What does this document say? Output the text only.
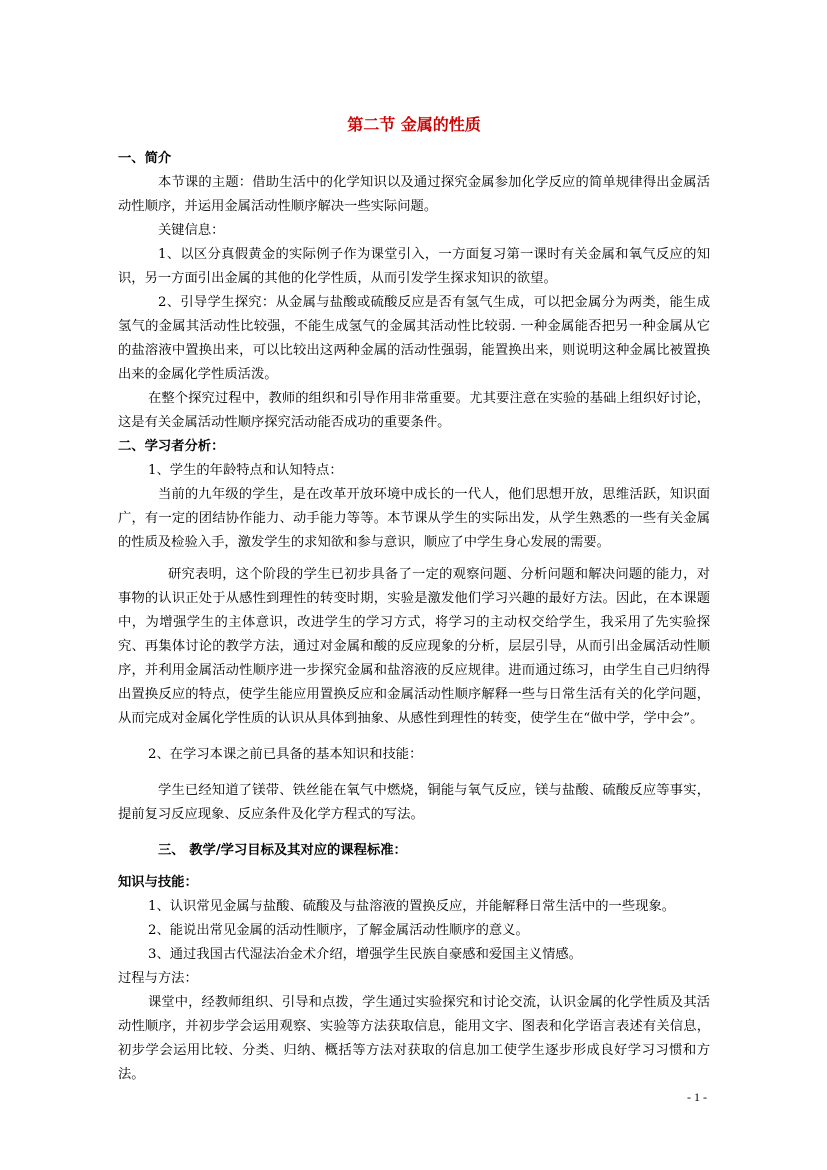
第二节 金属的性质

一、简介

本节课的主题：借助生活中的化学知识以及通过探究金属参加化学反应的简单规律得出金属活动性顺序，并运用金属活动性顺序解决一些实际问题。

关键信息：

1、以区分真假黄金的实际例子作为课堂引入，一方面复习第一课时有关金属和氧气反应的知识，另一方面引出金属的其他的化学性质，从而引发学生探求知识的欲望。

2、引导学生探究：从金属与盐酸或硫酸反应是否有氢气生成，可以把金属分为两类，能生成氢气的金属其活动性比较强，不能生成氢气的金属其活动性比较弱. 一种金属能否把另一种金属从它的盐溶液中置换出来，可以比较出这两种金属的活动性强弱，能置换出来，则说明这种金属比被置换出来的金属化学性质活泼。

在整个探究过程中，教师的组织和引导作用非常重要。尤其要注意在实验的基础上组织好讨论，这是有关金属活动性顺序探究活动能否成功的重要条件。

二、学习者分析：

1、学生的年龄特点和认知特点：

当前的九年级的学生，是在改革开放环境中成长的一代人，他们思想开放，思维活跃，知识面广，有一定的团结协作能力、动手能力等等。本节课从学生的实际出发，从学生熟悉的一些有关金属的性质及检验入手，激发学生的求知欲和参与意识，顺应了中学生身心发展的需要。

研究表明，这个阶段的学生已初步具备了一定的观察问题、分析问题和解决问题的能力，对事物的认识正处于从感性到理性的转变时期，实验是激发他们学习兴趣的最好方法。因此，在本课题中，为增强学生的主体意识，改进学生的学习方式，将学习的主动权交给学生，我采用了先实验探究、再集体讨论的教学方法，通过对金属和酸的反应现象的分析，层层引导，从而引出金属活动性顺序，并利用金属活动性顺序进一步探究金属和盐溶液的反应规律。进而通过练习，由学生自己归纳得出置换反应的特点，使学生能应用置换反应和金属活动性顺序解释一些与日常生活有关的化学问题，从而完成对金属化学性质的认识从具体到抽象、从感性到理性的转变，使学生在“做中学，学中会”。

2、在学习本课之前已具备的基本知识和技能：

学生已经知道了镁带、铁丝能在氧气中燃烧，铜能与氧气反应，镁与盐酸、硫酸反应等事实，提前复习反应现象、反应条件及化学方程式的写法。

三、 教学/学习目标及其对应的课程标准：

知识与技能：

1、认识常见金属与盐酸、硫酸及与盐溶液的置换反应，并能解释日常生活中的一些现象。

2、能说出常见金属的活动性顺序，了解金属活动性顺序的意义。

3、通过我国古代湿法冶金术介绍，增强学生民族自豪感和爱国主义情感。

过程与方法：

课堂中，经教师组织、引导和点拨，学生通过实验探究和讨论交流，认识金属的化学性质及其活动性顺序，并初步学会运用观察、实验等方法获取信息，能用文字、图表和化学语言表述有关信息，初步学会运用比较、分类、归纳、概括等方法对获取的信息加工使学生逐步形成良好学习习惯和方法。

- 1 -
